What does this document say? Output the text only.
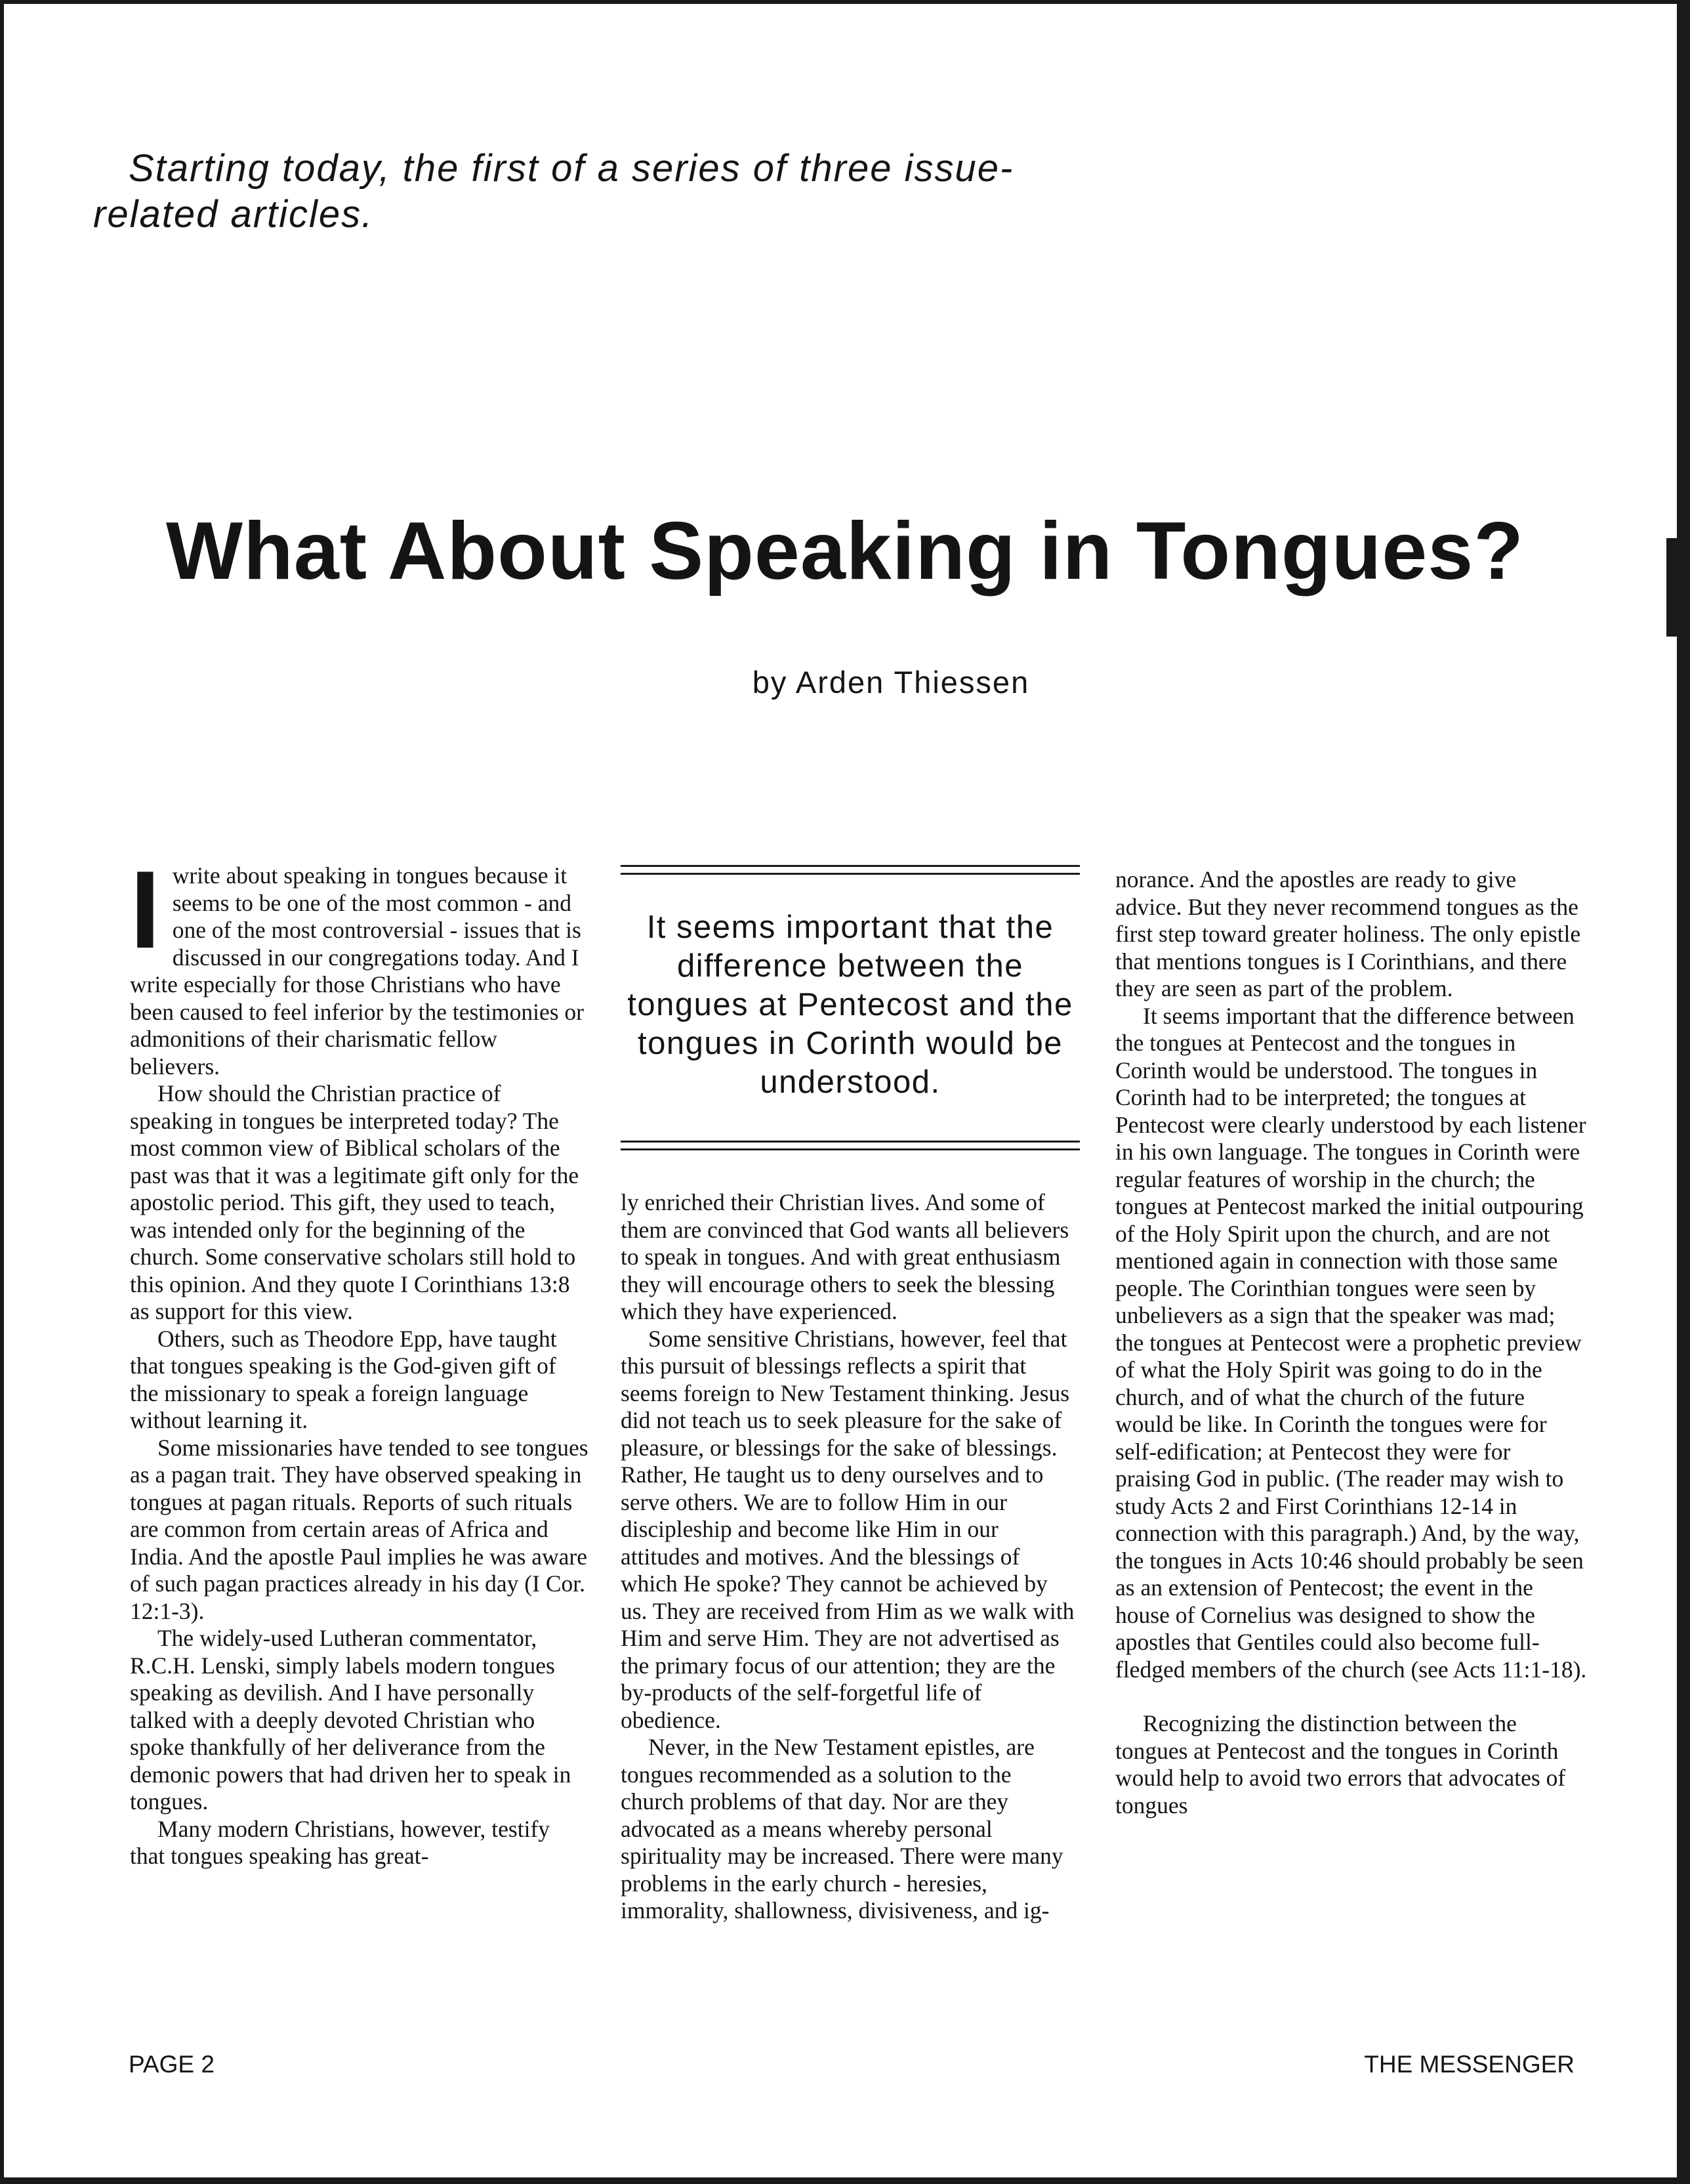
Starting today, the first of a series of three issue-
related articles.
What About Speaking in Tongues?
by Arden Thiessen
I write about speaking in tongues because it seems to be one of the most common - and one of the most controversial - issues that is discussed in our congregations today. And I write especially for those Christians who have been caused to feel inferior by the testimonies or admonitions of their charismatic fellow believers.

How should the Christian practice of speaking in tongues be interpreted today? The most common view of Biblical scholars of the past was that it was a legitimate gift only for the apostolic period. This gift, they used to teach, was intended only for the beginning of the church. Some conservative scholars still hold to this opinion. And they quote I Corinthians 13:8 as support for this view.

Others, such as Theodore Epp, have taught that tongues speaking is the God-given gift of the missionary to speak a foreign language without learning it.

Some missionaries have tended to see tongues as a pagan trait. They have observed speaking in tongues at pagan rituals. Reports of such rituals are common from certain areas of Africa and India. And the apostle Paul implies he was aware of such pagan practices already in his day (I Cor. 12:1-3).

The widely-used Lutheran commentator, R.C.H. Lenski, simply labels modern tongues speaking as devilish. And I have personally talked with a deeply devoted Christian who spoke thankfully of her deliverance from the demonic powers that had driven her to speak in tongues.

Many modern Christians, however, testify that tongues speaking has great-

It seems important that the difference between the tongues at Pentecost and the tongues in Corinth would be understood.

ly enriched their Christian lives. And some of them are convinced that God wants all believers to speak in tongues. And with great enthusiasm they will encourage others to seek the blessing which they have experienced.

Some sensitive Christians, however, feel that this pursuit of blessings reflects a spirit that seems foreign to New Testament thinking. Jesus did not teach us to seek pleasure for the sake of pleasure, or blessings for the sake of blessings. Rather, He taught us to deny ourselves and to serve others. We are to follow Him in our discipleship and become like Him in our attitudes and motives. And the blessings of which He spoke? They cannot be achieved by us. They are received from Him as we walk with Him and serve Him. They are not advertised as the primary focus of our attention; they are the by-products of the self-forgetful life of obedience.

Never, in the New Testament epistles, are tongues recommended as a solution to the church problems of that day. Nor are they advocated as a means whereby personal spirituality may be increased. There were many problems in the early church - heresies, immorality, shallowness, divisiveness, and ig-

norance. And the apostles are ready to give advice. But they never recommend tongues as the first step toward greater holiness. The only epistle that mentions tongues is I Corinthians, and there they are seen as part of the problem.

It seems important that the difference between the tongues at Pentecost and the tongues in Corinth would be understood. The tongues in Corinth had to be interpreted; the tongues at Pentecost were clearly understood by each listener in his own language. The tongues in Corinth were regular features of worship in the church; the tongues at Pentecost marked the initial outpouring of the Holy Spirit upon the church, and are not mentioned again in connection with those same people. The Corinthian tongues were seen by unbelievers as a sign that the speaker was mad; the tongues at Pentecost were a prophetic preview of what the Holy Spirit was going to do in the church, and of what the church of the future would be like. In Corinth the tongues were for self-edification; at Pentecost they were for praising God in public. (The reader may wish to study Acts 2 and First Corinthians 12-14 in connection with this paragraph.) And, by the way, the tongues in Acts 10:46 should probably be seen as an extension of Pentecost; the event in the house of Cornelius was designed to show the apostles that Gentiles could also become full-fledged members of the church (see Acts 11:1-18).

Recognizing the distinction between the tongues at Pentecost and the tongues in Corinth would help to avoid two errors that advocates of tongues

PAGE 2	THE MESSENGER
